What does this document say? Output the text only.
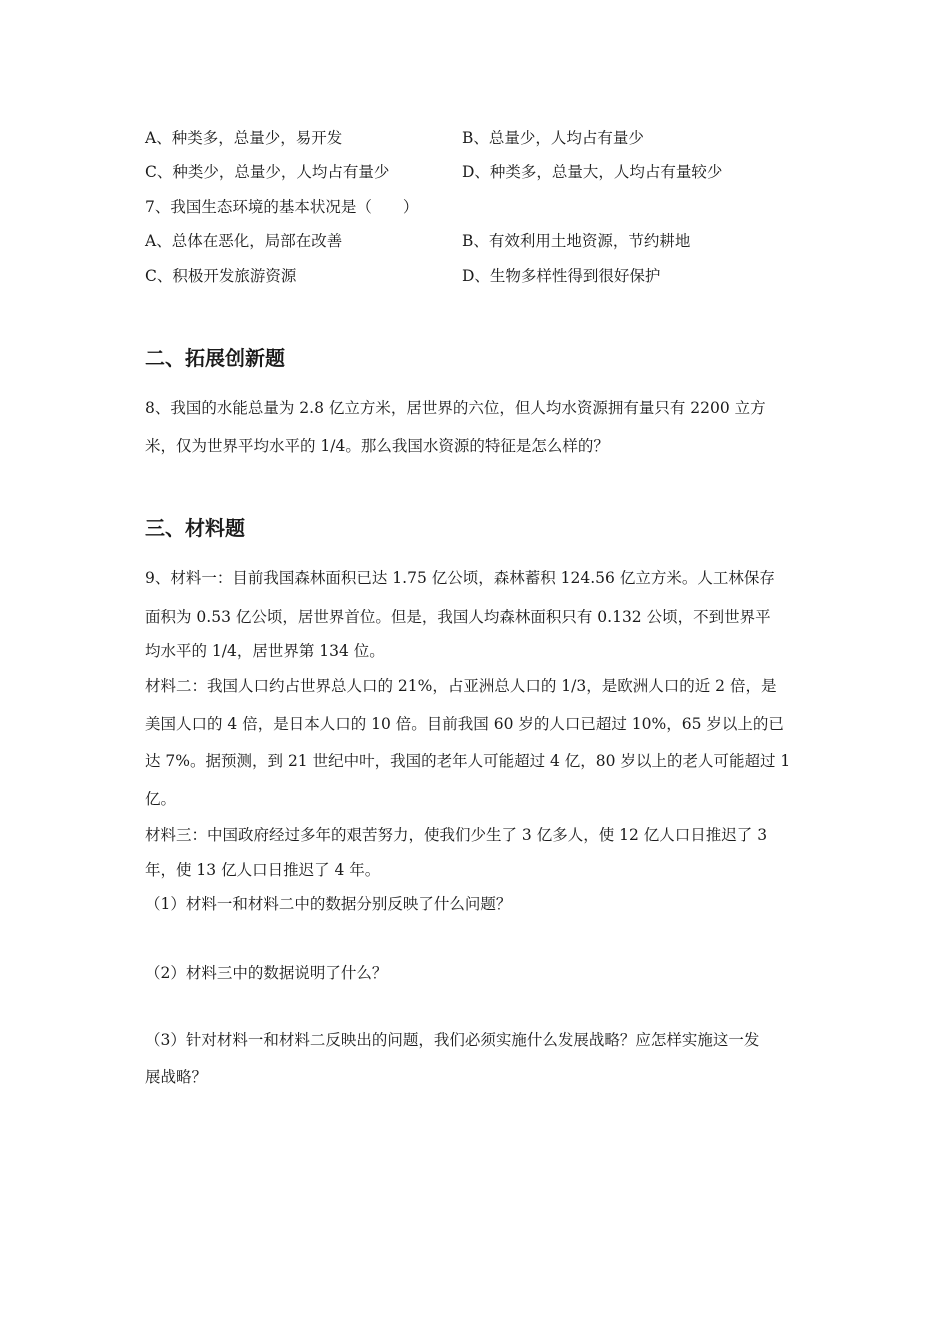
A、种类多，总量少，易开发	B、总量少，人均占有量少
C、种类少，总量少，人均占有量少	D、种类多，总量大，人均占有量较少
7、我国生态环境的基本状况是（　　）
A、总体在恶化，局部在改善	B、有效利用土地资源，节约耕地
C、积极开发旅游资源	D、生物多样性得到很好保护
二、拓展创新题
8、我国的水能总量为 2.8 亿立方米，居世界的六位，但人均水资源拥有量只有 2200 立方
米，仅为世界平均水平的 1/4。那么我国水资源的特征是怎么样的？
三、材料题
9、材料一：目前我国森林面积已达 1.75 亿公顷，森林蓄积 124.56 亿立方米。人工林保存
面积为 0.53 亿公顷，居世界首位。但是，我国人均森林面积只有 0.132 公顷，不到世界平
均水平的 1/4，居世界第 134 位。
材料二：我国人口约占世界总人口的 21%，占亚洲总人口的 1/3，是欧洲人口的近 2 倍，是
美国人口的 4 倍，是日本人口的 10 倍。目前我国 60 岁的人口已超过 10%，65 岁以上的已
达 7%。据预测，到 21 世纪中叶，我国的老年人可能超过 4 亿，80 岁以上的老人可能超过 1
亿。
材料三：中国政府经过多年的艰苦努力，使我们少生了 3 亿多人，使 12 亿人口日推迟了 3
年，使 13 亿人口日推迟了 4 年。
（1）材料一和材料二中的数据分别反映了什么问题？
（2）材料三中的数据说明了什么？
（3）针对材料一和材料二反映出的问题，我们必须实施什么发展战略？应怎样实施这一发
展战略？
